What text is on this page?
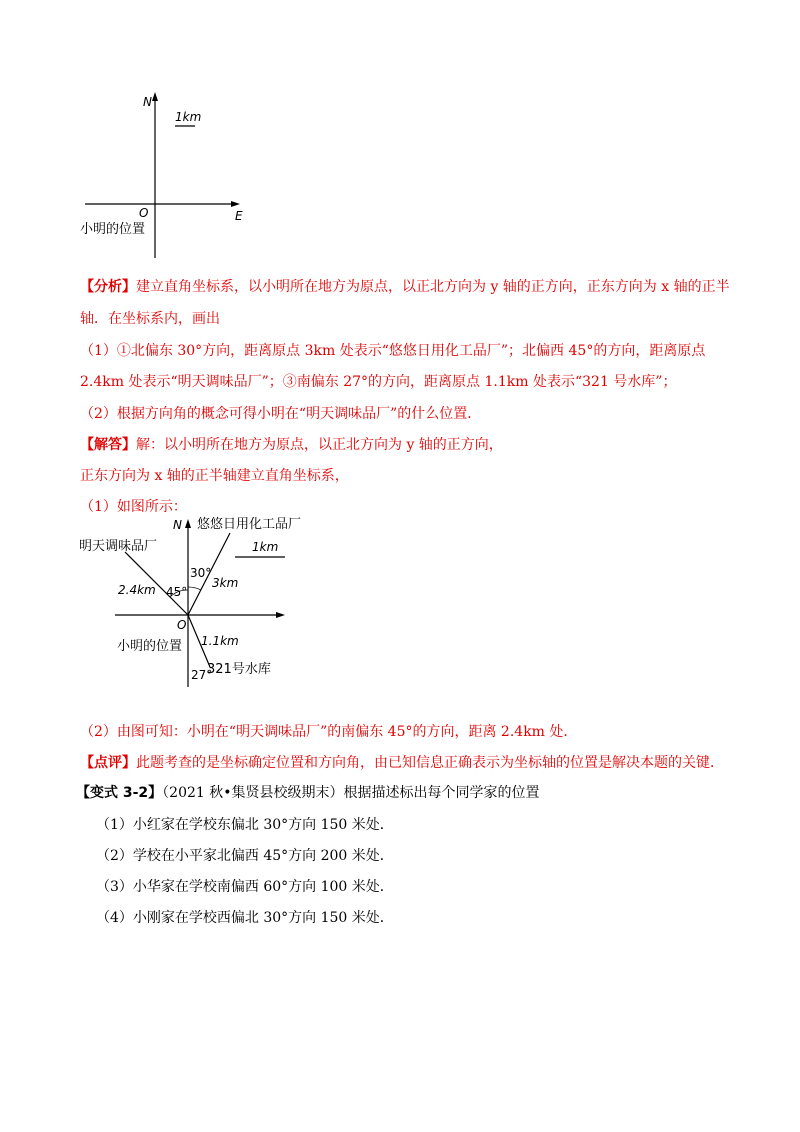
N
1km
O	E
小明的位置
【分析】建立直角坐标系，以小明所在地方为原点，以正北方向为 y 轴的正方向，正东方向为 x 轴的正半
轴．在坐标系内，画出
（1）①北偏东 30°方向，距离原点 3km 处表示“悠悠日用化工品厂”；北偏西 45°的方向，距离原点
2.4km 处表示“明天调味品厂”；③南偏东 27°的方向，距离原点 1.1km 处表示“321 号水库”；
（2）根据方向角的概念可得小明在“明天调味品厂”的什么位置．
【解答】解：以小明所在地方为原点，以正北方向为 y 轴的正方向，
正东方向为 x 轴的正半轴建立直角坐标系，
（1）如图所示：
N 悠悠日用化工品厂
1km
明天调味品厂
30°
3km
2.4km 45°
O
小明的位置 1.1km
321号水库
27°
（2）由图可知：小明在“明天调味品厂”的南偏东 45°的方向，距离 2.4km 处．
【点评】此题考查的是坐标确定位置和方向角，由已知信息正确表示为坐标轴的位置是解决本题的关键．
【变式 3-2】（2021 秋•集贤县校级期末）根据描述标出每个同学家的位置
（1）小红家在学校东偏北 30°方向 150 米处．
（2）学校在小平家北偏西 45°方向 200 米处．
（3）小华家在学校南偏西 60°方向 100 米处．
（4）小刚家在学校西偏北 30°方向 150 米处．
